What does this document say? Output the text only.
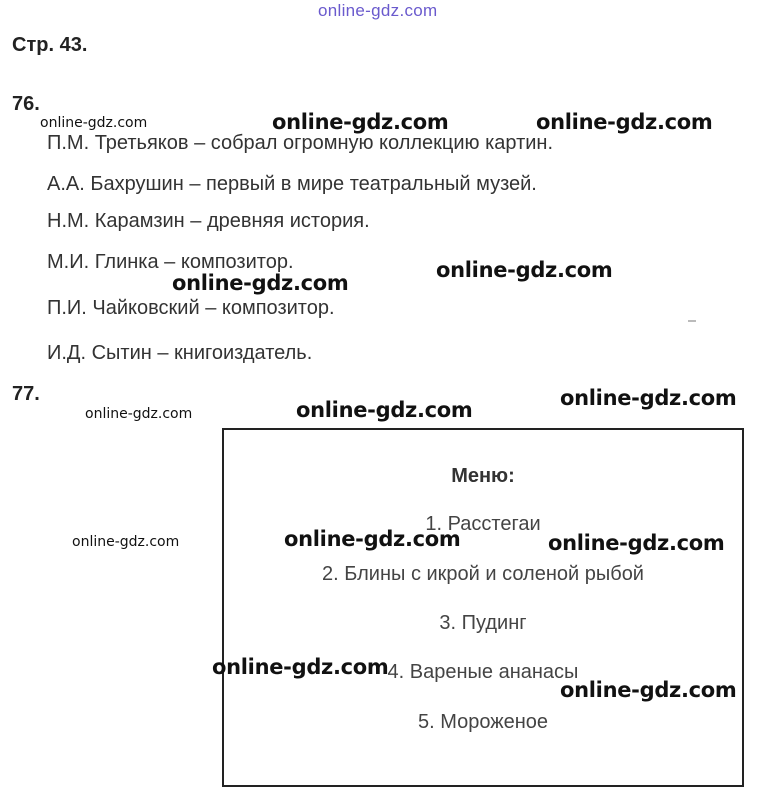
online-gdz.com
Стр. 43.
76.
П.М. Третьяков – собрал огромную коллекцию картин.
А.А. Бахрушин – первый в мире театральный музей.
Н.М. Карамзин – древняя история.
М.И. Глинка – композитор.
П.И. Чайковский – композитор.
И.Д. Сытин – книгоиздатель.
77.
Меню:
1. Расстегаи
2. Блины с икрой и соленой рыбой
3. Пудинг
4. Вареные ананасы
5. Мороженое
online-gdz.com	online-gdz.com	online-gdz.com
online-gdz.com
online-gdz.com
online-gdz.com	online-gdz.com	online-gdz.com
online-gdz.com	online-gdz.com	online-gdz.com
online-gdz.com
online-gdz.com
